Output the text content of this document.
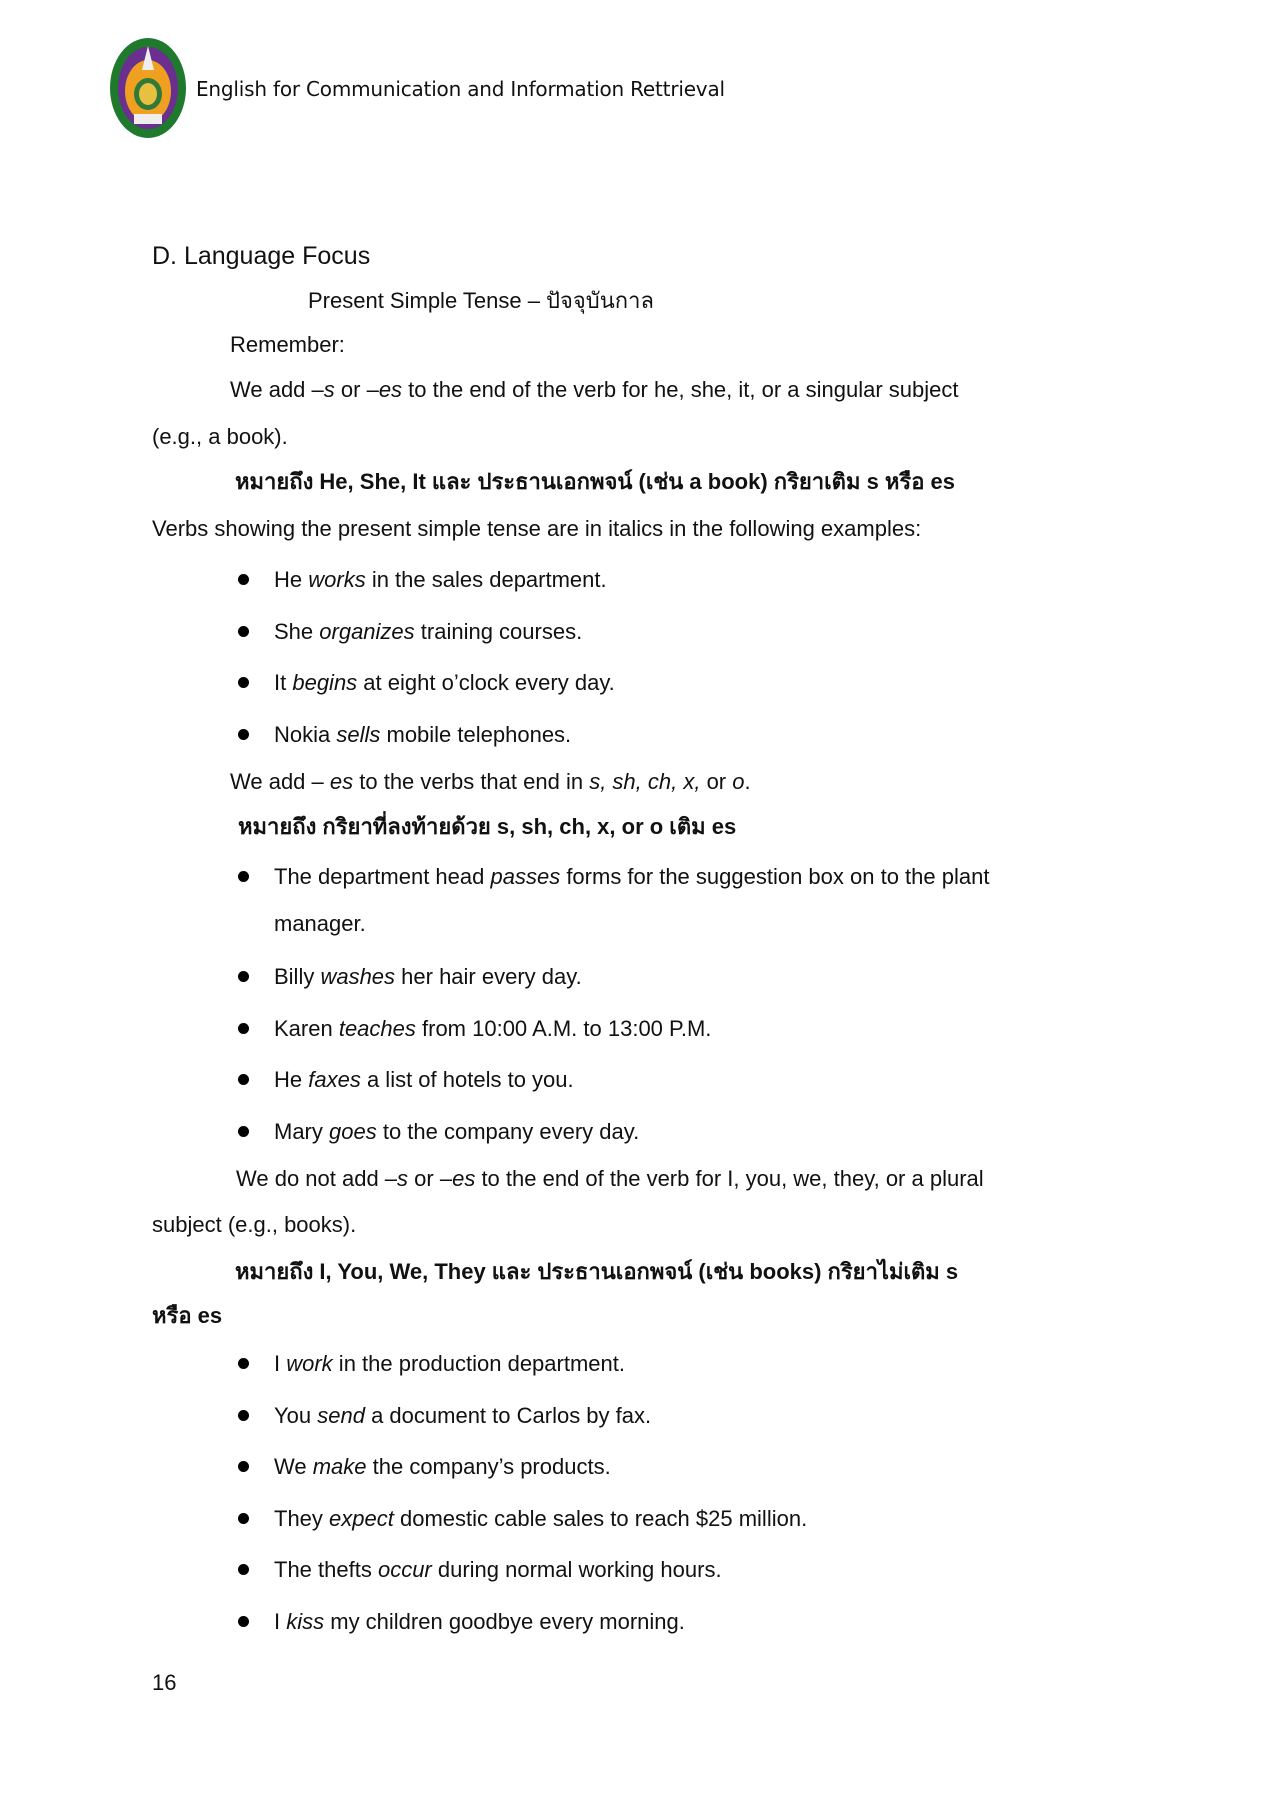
English for Communication and Information Rettrieval
D. Language Focus
Present Simple Tense – ปัจจุบันกาล
Remember:
We add –s or –es to the end of the verb for he, she, it, or a singular subject
(e.g., a book).
หมายถึง He, She, It และ ประธานเอกพจน์ (เช่น a book) กริยาเติม s หรือ es
Verbs showing the present simple tense are in italics in the following examples:
He works in the sales department.
She organizes training courses.
It begins at eight o’clock every day.
Nokia sells mobile telephones.
We add – es to the verbs that end in s, sh, ch, x, or o.
หมายถึง กริยาที่ลงท้ายด้วย s, sh, ch, x, or o เติม es
The department head passes forms for the suggestion box on to the plant
manager.
Billy washes her hair every day.
Karen teaches from 10:00 A.M. to 13:00 P.M.
He faxes a list of hotels to you.
Mary goes to the company every day.
We do not add –s or –es to the end of the verb for I, you, we, they, or a plural
subject (e.g., books).
หมายถึง I, You, We, They และ ประธานเอกพจน์ (เช่น books) กริยาไม่เติม s
หรือ es
I work in the production department.
You send a document to Carlos by fax.
We make the company’s products.
They expect domestic cable sales to reach $25 million.
The thefts occur during normal working hours.
I kiss my children goodbye every morning.
16
